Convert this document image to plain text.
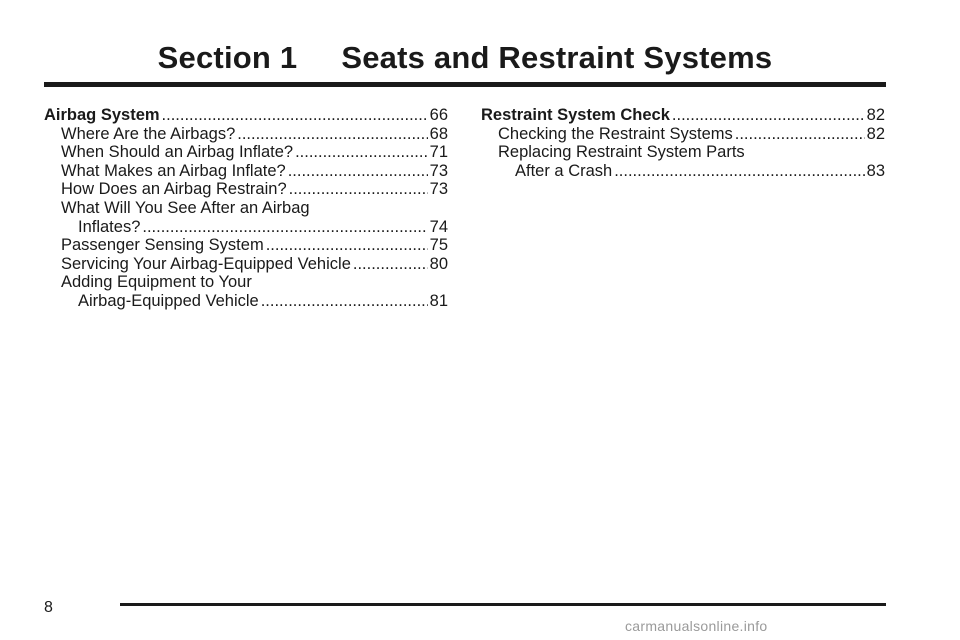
Section 1     Seats and Restraint Systems
Airbag System .....	66
Where Are the Airbags? .....	68
When Should an Airbag Inflate? .....	71
What Makes an Airbag Inflate? .....	73
How Does an Airbag Restrain? .....	73
What Will You See After an Airbag
Inflates? .....	74
Passenger Sensing System .....	75
Servicing Your Airbag-Equipped Vehicle .....	80
Adding Equipment to Your
Airbag-Equipped Vehicle .....	81
Restraint System Check .....	82
Checking the Restraint Systems .....	82
Replacing Restraint System Parts
After a Crash .....	83
8
carmanualsonline.info
